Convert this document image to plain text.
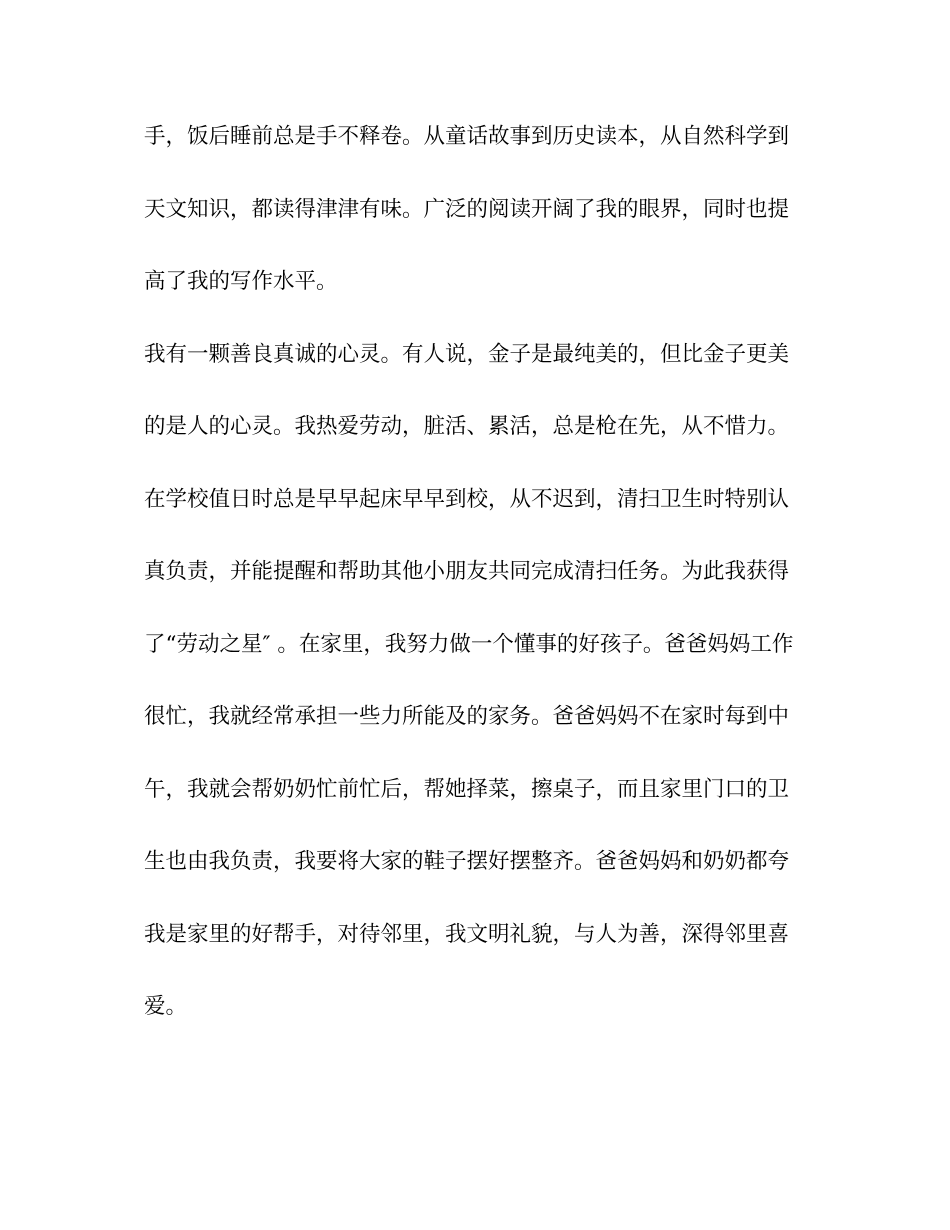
手，饭后睡前总是手不释卷。从童话故事到历史读本，从自然科学到
天文知识，都读得津津有味。广泛的阅读开阔了我的眼界，同时也提
高了我的写作水平。
我有一颗善良真诚的心灵。有人说，金子是最纯美的，但比金子更美
的是人的心灵。我热爱劳动，脏活、累活，总是枪在先，从不惜力。
在学校值日时总是早早起床早早到校，从不迟到，清扫卫生时特别认
真负责，并能提醒和帮助其他小朋友共同完成清扫任务。为此我获得
了“劳动之星″ 。在家里，我努力做一个懂事的好孩子。爸爸妈妈工作
很忙，我就经常承担一些力所能及的家务。爸爸妈妈不在家时每到中
午，我就会帮奶奶忙前忙后，帮她择菜，擦桌子，而且家里门口的卫
生也由我负责，我要将大家的鞋子摆好摆整齐。爸爸妈妈和奶奶都夸
我是家里的好帮手，对待邻里，我文明礼貌，与人为善，深得邻里喜
爱。
